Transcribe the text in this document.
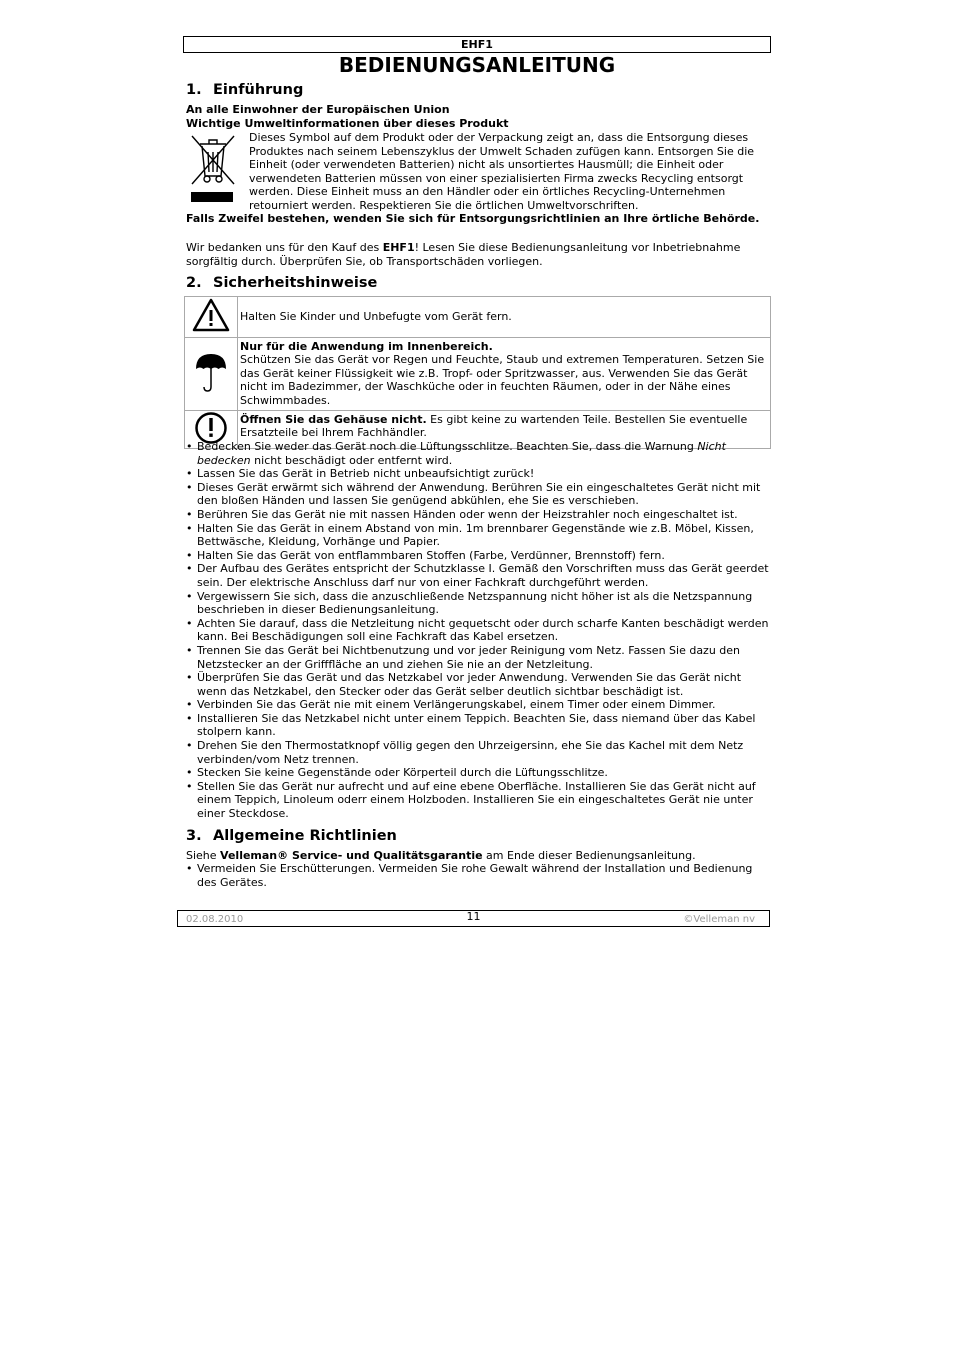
EHF1
BEDIENUNGSANLEITUNG
1. Einführung

An alle Einwohner der Europäischen Union

Wichtige Umweltinformationen über dieses Produkt

Dieses Symbol auf dem Produkt oder der Verpackung zeigt an, dass die Entsorgung dieses Produktes nach seinem Lebenszyklus der Umwelt Schaden zufügen kann. Entsorgen Sie die Einheit (oder verwendeten Batterien) nicht als unsortiertes Hausmüll; die Einheit oder verwendeten Batterien müssen von einer spezialisierten Firma zwecks Recycling entsorgt werden. Diese Einheit muss an den Händler oder ein örtliches Recycling-Unternehmen retourniert werden. Respektieren Sie die örtlichen Umweltvorschriften.

Falls Zweifel bestehen, wenden Sie sich für Entsorgungsrichtlinien an Ihre örtliche Behörde.

Wir bedanken uns für den Kauf des EHF1! Lesen Sie diese Bedienungsanleitung vor Inbetriebnahme sorgfältig durch. Überprüfen Sie, ob Transportschäden vorliegen.

2. Sicherheitshinweise
	Halten Sie Kinder und Unbefugte vom Gerät fern.

Nur für die Anwendung im Innenbereich.
Schützen Sie das Gerät vor Regen und Feuchte, Staub und extremen Temperaturen. Setzen Sie das Gerät keiner Flüssigkeit wie z.B. Tropf- oder Spritzwasser, aus. Verwenden Sie das Gerät nicht im Badezimmer, der Waschküche oder in feuchten Räumen, oder in der Nähe eines Schwimmbades.

	Öffnen Sie das Gehäuse nicht. Es gibt keine zu wartenden Teile. Bestellen Sie eventuelle Ersatzteile bei Ihrem Fachhändler.
• Bedecken Sie weder das Gerät noch die Lüftungsschlitze. Beachten Sie, dass die Warnung Nicht bedecken nicht beschädigt oder entfernt wird.
• Lassen Sie das Gerät in Betrieb nicht unbeaufsichtigt zurück!
• Dieses Gerät erwärmt sich während der Anwendung. Berühren Sie ein eingeschaltetes Gerät nicht mit den bloßen Händen und lassen Sie genügend abkühlen, ehe Sie es verschieben.
• Berühren Sie das Gerät nie mit nassen Händen oder wenn der Heizstrahler noch eingeschaltet ist.
• Halten Sie das Gerät in einem Abstand von min. 1m brennbarer Gegenstände wie z.B. Möbel, Kissen, Bettwäsche, Kleidung, Vorhänge und Papier.
• Halten Sie das Gerät von entflammbaren Stoffen (Farbe, Verdünner, Brennstoff) fern.
• Der Aufbau des Gerätes entspricht der Schutzklasse I. Gemäß den Vorschriften muss das Gerät geerdet sein. Der elektrische Anschluss darf nur von einer Fachkraft durchgeführt werden.
• Vergewissern Sie sich, dass die anzuschließende Netzspannung nicht höher ist als die Netzspannung beschrieben in dieser Bedienungsanleitung.
• Achten Sie darauf, dass die Netzleitung nicht gequetscht oder durch scharfe Kanten beschädigt werden kann. Bei Beschädigungen soll eine Fachkraft das Kabel ersetzen.
• Trennen Sie das Gerät bei Nichtbenutzung und vor jeder Reinigung vom Netz. Fassen Sie dazu den Netzstecker an der Grifffläche an und ziehen Sie nie an der Netzleitung.
• Überprüfen Sie das Gerät und das Netzkabel vor jeder Anwendung. Verwenden Sie das Gerät nicht wenn das Netzkabel, den Stecker oder das Gerät selber deutlich sichtbar beschädigt ist.
• Verbinden Sie das Gerät nie mit einem Verlängerungskabel, einem Timer oder einem Dimmer.
• Installieren Sie das Netzkabel nicht unter einem Teppich. Beachten Sie, dass niemand über das Kabel stolpern kann.
• Drehen Sie den Thermostatknopf völlig gegen den Uhrzeigersinn, ehe Sie das Kachel mit dem Netz verbinden/vom Netz trennen.
• Stecken Sie keine Gegenstände oder Körperteil durch die Lüftungsschlitze.
• Stellen Sie das Gerät nur aufrecht und auf eine ebene Oberfläche. Installieren Sie das Gerät nicht auf einem Teppich, Linoleum oderr einem Holzboden. Installieren Sie ein eingeschaltetes Gerät nie unter einer Steckdose.
3. Allgemeine Richtlinien

Siehe Velleman® Service- und Qualitätsgarantie am Ende dieser Bedienungsanleitung.

• Vermeiden Sie Erschütterungen. Vermeiden Sie rohe Gewalt während der Installation und Bedienung des Gerätes.
02.08.2010	11	©Velleman nv
